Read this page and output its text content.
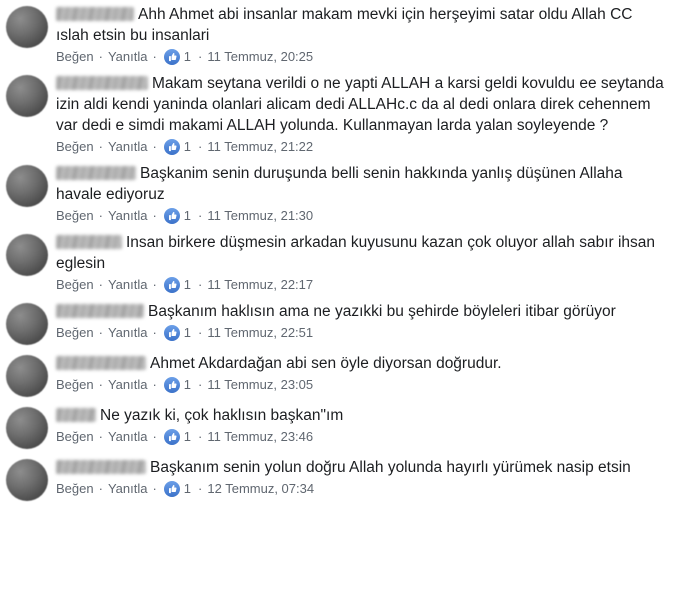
Ahh Ahmet abi insanlar makam mevki için herşeyimi satar oldu Allah CC ıslah etsin bu insanlari
Beğen · Yanıtla · 1 · 11 Temmuz, 20:25
Makam seytana verildi o ne yapti ALLAH a karsi geldi kovuldu ee seytanda izin aldi kendi yaninda olanlari alicam dedi ALLAHc.c da al dedi onlara direk cehennem var dedi e simdi makami ALLAH yolunda. Kullanmayan larda yalan soyleyende ?
Beğen · Yanıtla · 1 · 11 Temmuz, 21:22
Başkanim senin duruşunda belli senin hakkında yanlış düşünen Allaha havale ediyoruz
Beğen · Yanıtla · 1 · 11 Temmuz, 21:30
Insan birkere düşmesin arkadan kuyusunu kazan çok oluyor allah sabır ihsan eglesin
Beğen · Yanıtla · 1 · 11 Temmuz, 22:17
Başkanım haklısın ama ne yazıkki bu şehirde böyleleri itibar görüyor
Beğen · Yanıtla · 1 · 11 Temmuz, 22:51
Ahmet Akdardağan abi sen öyle diyorsan doğrudur.
Beğen · Yanıtla · 1 · 11 Temmuz, 23:05
Ne yazık ki, çok haklısın başkan"ım
Beğen · Yanıtla · 1 · 11 Temmuz, 23:46
Başkanım senin yolun doğru Allah yolunda hayırlı yürümek nasip etsin
Beğen · Yanıtla · 1 · 12 Temmuz, 07:34
